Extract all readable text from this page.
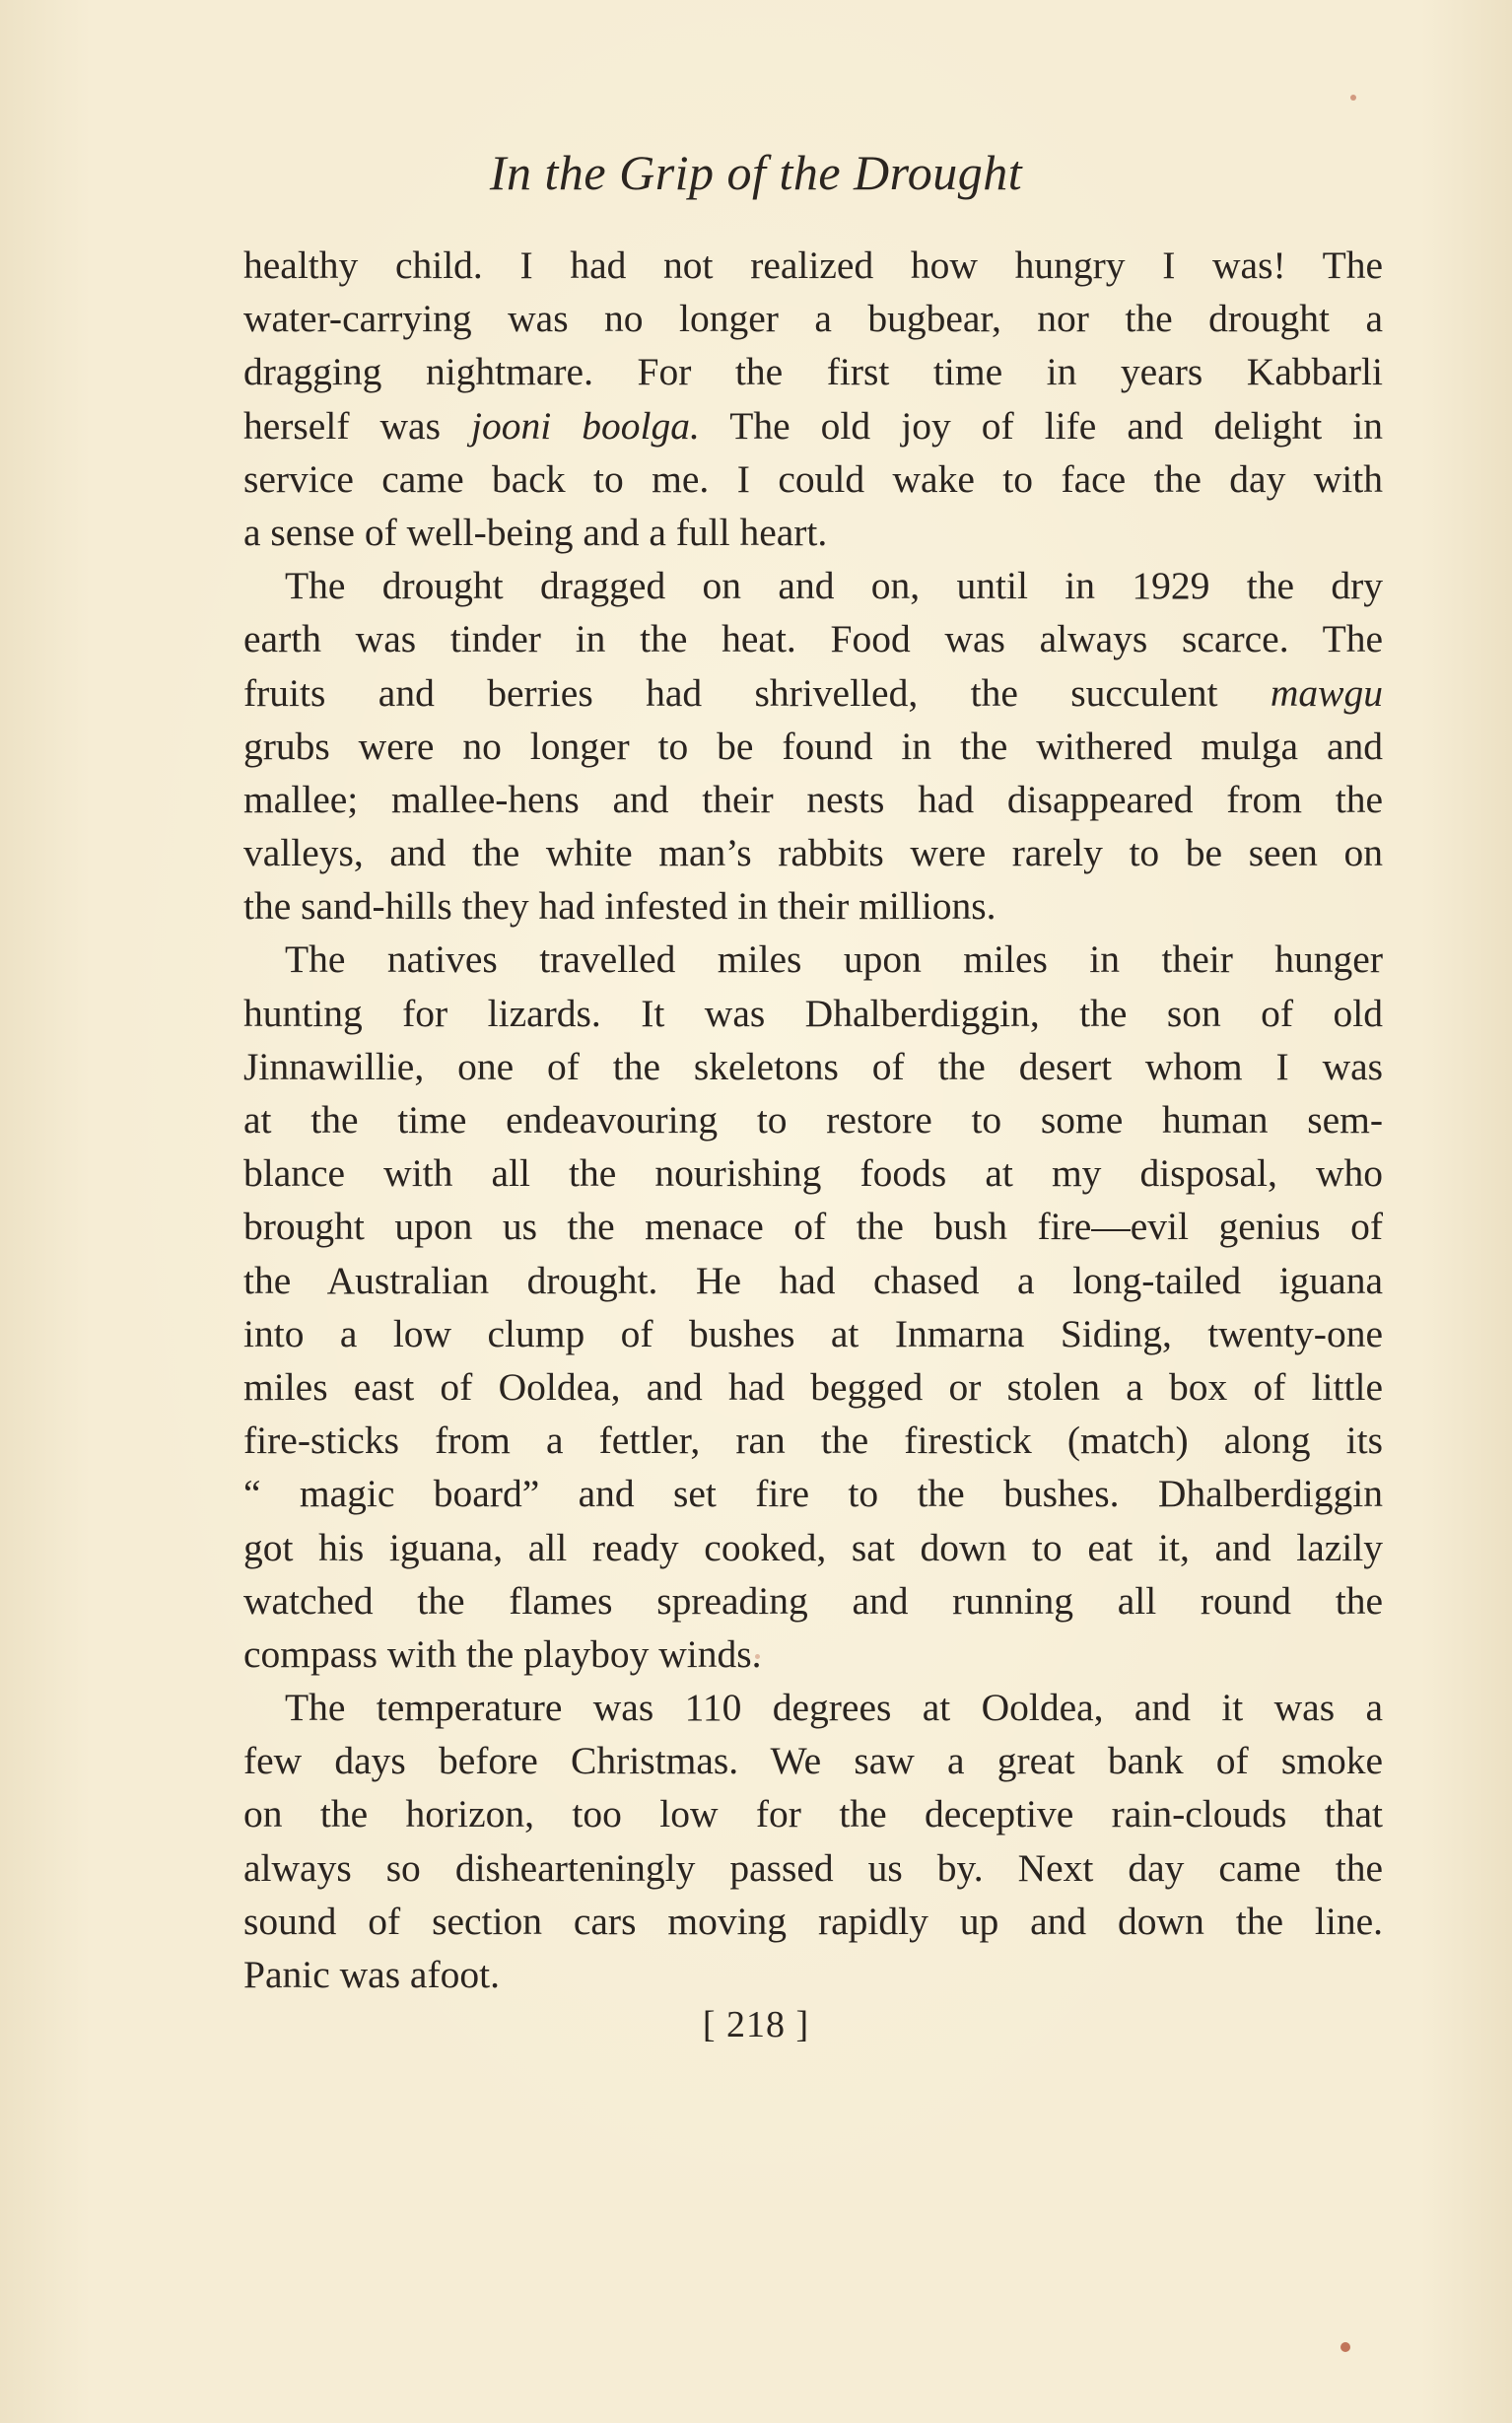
In the Grip of the Drought
healthy child. I had not realized how hungry I was! The
water-carrying was no longer a bugbear, nor the drought a
dragging nightmare. For the first time in years Kabbarli
herself was jooni boolga. The old joy of life and delight in
service came back to me. I could wake to face the day with
a sense of well-being and a full heart.
The drought dragged on and on, until in 1929 the dry
earth was tinder in the heat. Food was always scarce. The
fruits and berries had shrivelled, the succulent mawgu
grubs were no longer to be found in the withered mulga and
mallee; mallee-hens and their nests had disappeared from the
valleys, and the white man’s rabbits were rarely to be seen on
the sand-hills they had infested in their millions.
The natives travelled miles upon miles in their hunger
hunting for lizards. It was Dhalberdiggin, the son of old
Jinnawillie, one of the skeletons of the desert whom I was
at the time endeavouring to restore to some human sem-
blance with all the nourishing foods at my disposal, who
brought upon us the menace of the bush fire—evil genius of
the Australian drought. He had chased a long-tailed iguana
into a low clump of bushes at Inmarna Siding, twenty-one
miles east of Ooldea, and had begged or stolen a box of little
fire-sticks from a fettler, ran the firestick (match) along its
“ magic board” and set fire to the bushes. Dhalberdiggin
got his iguana, all ready cooked, sat down to eat it, and lazily
watched the flames spreading and running all round the
compass with the playboy winds.
The temperature was 110 degrees at Ooldea, and it was a
few days before Christmas. We saw a great bank of smoke
on the horizon, too low for the deceptive rain-clouds that
always so dishearteningly passed us by. Next day came the
sound of section cars moving rapidly up and down the line.
Panic was afoot.
[ 218 ]
